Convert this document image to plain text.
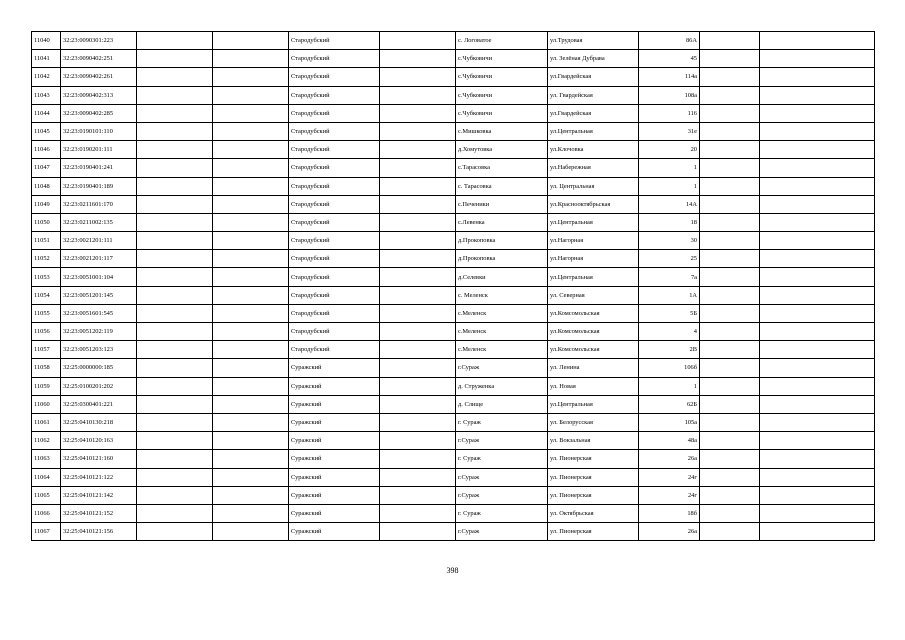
11040	32:23:0090301:223			Стародубский		с. Логоватое	ул.Трудовая	86А		
11041	32:23:0090402:251			Стародубский		с.Чубковичи	ул. Зелёная Дубрава	45		
11042	32:23:0090402:261			Стародубский		с.Чубковичи	ул.Гвардейская	114а		
11043	32:23:0090402:313			Стародубский		с.Чубковичи	ул. Гвардейская	108а		
11044	32:23:0090402:285			Стародубский		с.Чубковичи	ул.Гвардейская	116		
11045	32:23:0190101:110			Стародубский		с.Мишковка	ул.Центральная	31е		
11046	32:23:0190201:111			Стародубский		д.Хомутовка	ул.Клочовка	20		
11047	32:23:0190401:241			Стародубский		с.Тарасовка	ул.Набережная	1		
11048	32:23:0190401:189			Стародубский		с. Тарасовка	ул. Центральная	1		
11049	32:23:0211601:170			Стародубский		с.Печеники	ул.Краснооктябрьская	14А		
11050	32:23:0211002:135			Стародубский		с.Левенка	ул.Центральная	18		
11051	32:23:0021201:111			Стародубский		д.Прокоповка	ул.Нагорная	30		
11052	32:23:0021201:117			Стародубский		д.Прокоповка	ул.Нагорная	25		
11053	32:23:0051001:104			Стародубский		д.Селевки	ул.Центральная	7а		
11054	32:23:0051201:145			Стародубский		с. Меленск	ул. Северная	1А		
11055	32:23:0051601:545			Стародубский		с.Меленск	ул.Комсомольская	5Б		
11056	32:23:0051202:119			Стародубский		с.Меленск	ул.Комсомольская	4		
11057	32:23:0051203:123			Стародубский		с.Меленск	ул.Комсомольская	2В		
11058	32:25:0000000:185			Суражский		г.Сураж	ул. Ленина	106б		
11059	32:25:0100201:202			Суражский		д. Струженка	ул. Новая	1		
11060	32:25:0300401:221			Суражский		д. Слище	ул.Центральная	62Б		
11061	32:25:0410130:218			Суражский		г. Сураж	ул. Белорусская	105а		
11062	32:25:0410120:163			Суражский		г.Сураж	ул. Вокзальная	48а		
11063	32:25:0410121:160			Суражский		г. Сураж	ул. Пионерская	26а		
11064	32:25:0410121:122			Суражский		г.Сураж	ул. Пионерская	24г		
11065	32:25:0410121:142			Суражский		г.Сураж	ул. Пионерская	24г		
11066	32:25:0410121:152			Суражский		г. Сураж	ул. Октябрьская	18б		
11067	32:25:0410121:156			Суражский		г.Сураж	ул. Пионерская	26а		
398
